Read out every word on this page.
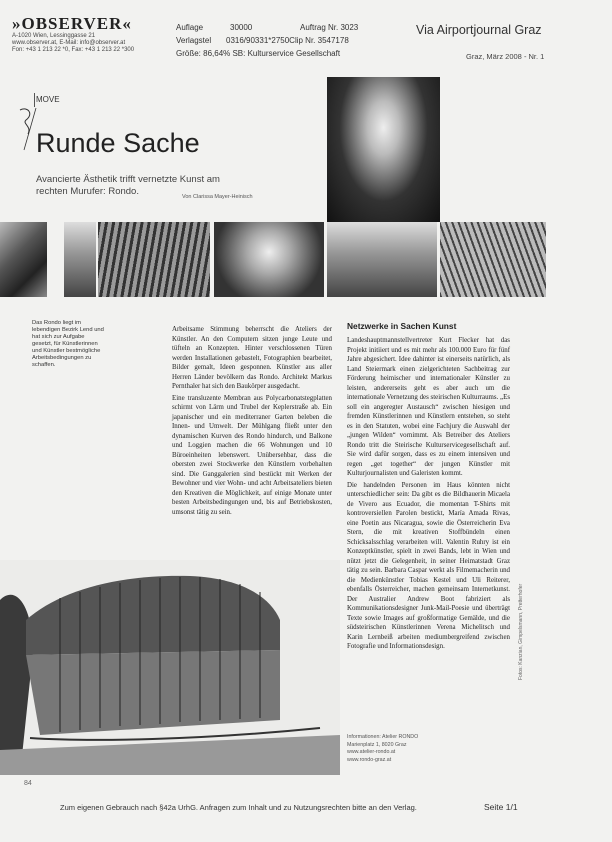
»OBSERVER«
A-1020 Wien, Lessinggasse 21
www.observer.at, E-Mail: info@observer.at
Fon: +43 1 213 22 *0, Fax: +43 1 213 22 *300
Auflage	30000	Auftrag Nr. 3023
Verlagstel 0316/90331*2750Clip Nr. 3547178
Größe: 86,64% SB: Kulturservice Gesellschaft
Via Airportjournal Graz
Graz, März 2008 - Nr. 1
MOVE
Runde Sache
Avancierte Ästhetik trifft vernetzte Kunst am rechten Murufer: Rondo.	Von Clarissa Mayer-Heinisch
Das Rondo liegt im lebendigen Bezirk Lend und hat sich zur Aufgabe gesetzt, für Künstlerinnen und Künstler bestmögliche Arbeitsbedingungen zu schaffen.

Arbeitsame Stimmung beherrscht die Ateliers der Künstler. An den Computern sitzen junge Leute und tüfteln an Konzepten. Hinter verschlossenen Türen werden Installationen gebastelt, Fotographien bearbeitet, Bilder gemalt, Ideen gesponnen. Künstler aus aller Herren Länder bevölkern das Rondo. Architekt Markus Pernthaler hat sich den Baukörper ausgedacht.

Eine transluzente Membran aus Polycarbonatstegplatten schirmt von Lärm und Trubel der Keplerstraße ab. Ein japanischer und ein mediterraner Garten beleben die Innen- und Umwelt. Der Mühlgang fließt unter den dynamischen Kurven des Rondo hindurch, und Balkone und Loggien machen die 66 Wohnungen und 10 Büroeinheiten lebenswert. Unübersehbar, dass die obersten zwei Stockwerke den Künstlern vorbehalten sind. Die Ganggalerien sind bestückt mit Werken der Bewohner und vier Wohn- und acht Arbeitsateliers bieten den Kreativen die Möglichkeit, auf einige Monate unter besten Arbeitsbedingungen und, bis auf Betriebskosten, umsonst tätig zu sein.

Netzwerke in Sachen Kunst

Landeshauptmannstellvertreter Kurt Flecker hat das Projekt initiiert und es mit mehr als 100.000 Euro für fünf Jahre abgesichert. Idee dahinter ist einerseits natürlich, als Land Steiermark einen zielgerichteten Sachbeitrag zur Förderung heimischer und internationaler Künstler zu leisten, andererseits geht es aber auch um die internationale Vernetzung des steirischen Kulturraums. „Es soll ein angeregter Austausch“ zwischen hiesigen und fremden Künstlerinnen und Künstlern entstehen, so steht es in den Statuten, wobei eine Fachjury die Auswahl der „jungen Wilden“ vornimmt. Als Betreiber des Ateliers Rondo tritt die Steirische Kulturservicegesellschaft auf. Sie wird dafür sorgen, dass es zu einem intensiven und regen „get together“ der jungen Künstler mit Kulturjournalisten und Galeristen kommt.

Die handelnden Personen im Haus könnten nicht unterschiedlicher sein: Da gibt es die Bildhauerin Micaela de Vivero aus Ecuador, die momentan T-Shirts mit kontroversiellen Parolen bestickt, María Amada Rivas, eine Poetin aus Nicaragua, sowie die Österreicherin Eva Stern, die mit kreativen Stoffbündeln einen Schicksalsschlag verarbeiten will. Valentin Ruhry ist ein Konzeptkünstler, spielt in zwei Bands, lebt in Wien und nützt jetzt die Gelegenheit, in seiner Heimatstadt Graz tätig zu sein. Barbara Caspar werkt als Filmemacherin und die Medienkünstler Tobias Kestel und Uli Reiterer, ebenfalls Österreicher, machen gemeinsam Internetkunst. Der Australier Andrew Boot fabriziert als Kommunikationsdesigner Junk-Mail-Poesie und überträgt Texte sowie Images auf großformatige Gemälde, und die südsteirischen Künstlerinnen Verena Michelitsch und Karin Lernbeiß arbeiten mediumbergreifend zwischen Fotografie und Informationsdesign.

Informationen: Atelier RONDO
Marienplatz 1, 8020 Graz
www.atelier-rondo.at
www.rondo-graz.at
Fotos: Kanzian, Gimpelsmann, Pretterhofer
84
Zum eigenen Gebrauch nach §42a UrhG. Anfragen zum Inhalt und zu Nutzungsrechten bitte an den Verlag.	Seite 1/1
